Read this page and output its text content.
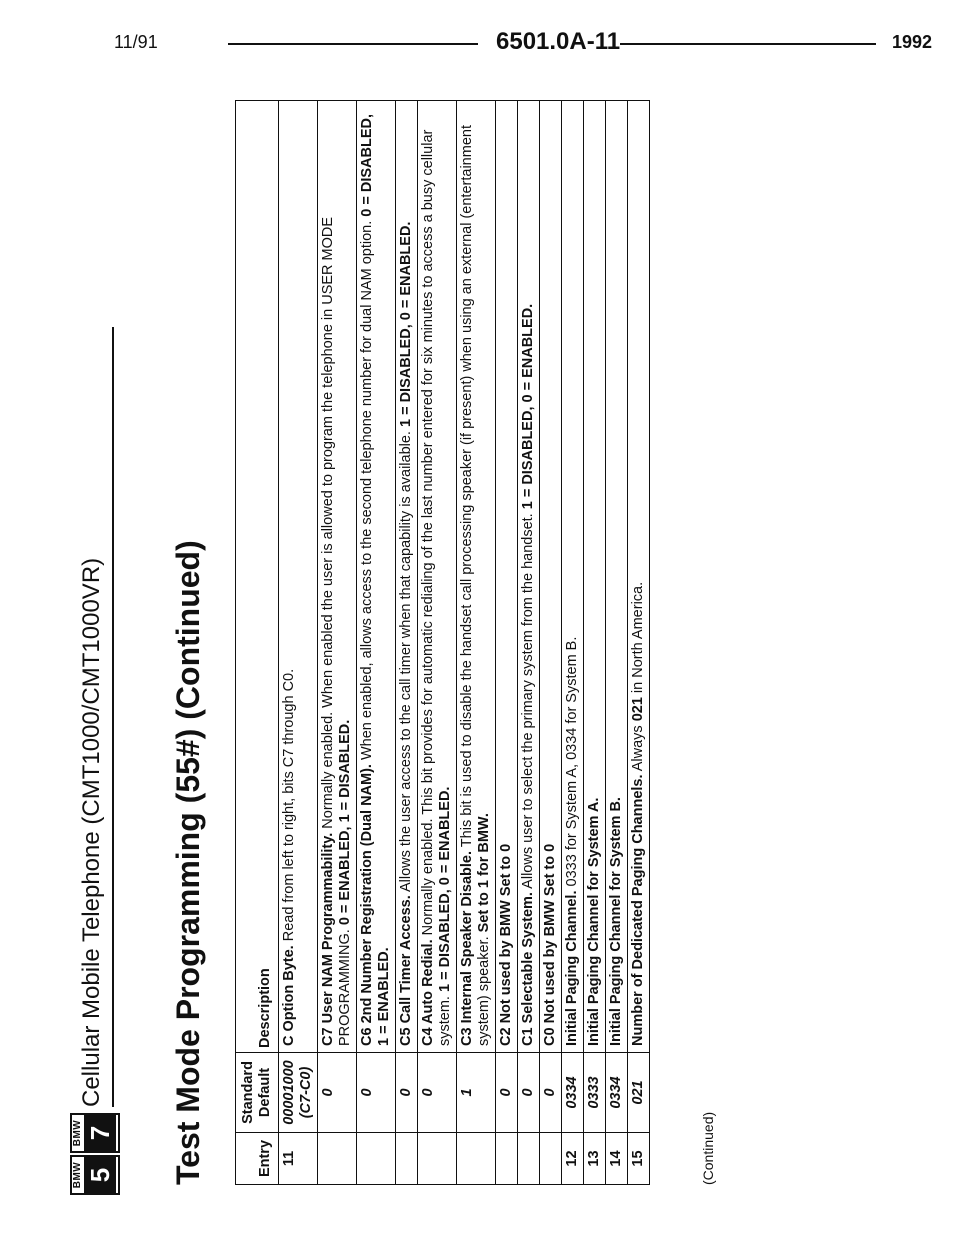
11/91	6501.0A-11	1992
BMW 5
BMW 7
Cellular Mobile Telephone (CMT1000/CMT1000VR) Test Mode Programming (55#) (Continued)	Entry	Standard Default	Description
11	00001000 (C7-C0)	C Option Byte. Read from left to right, bits C7 through C0.
	0	C7 User NAM Programmability. Normally enabled. When enabled the user is allowed to program the telephone in USER MODE PROGRAMMING. 0 = ENABLED, 1 = DISABLED.
	0	C6 2nd Number Registration (Dual NAM). When enabled, allows access to the second telephone number for dual NAM option. 0 = DISABLED, 1 = ENABLED.
	0	C5 Call Timer Access. Allows the user access to the call timer when that capability is available. 1 = DISABLED, 0 = ENABLED.
	0	C4 Auto Redial. Normally enabled. This bit provides for automatic redialing of the last number entered for six minutes to access a busy cellular system. 1 = DISABLED, 0 = ENABLED.
	1	C3 Internal Speaker Disable. This bit is used to disable the handset call processing speaker (if present) when using an external (entertainment system) speaker. Set to 1 for BMW.
	0	C2 Not used by BMW Set to 0
	0	C1 Selectable System. Allows user to select the primary system from the handset. 1 = DISABLED, 0 = ENABLED.
	0	C0 Not used by BMW Set to 0
12	0334	Initial Paging Channel. 0333 for System A, 0334 for System B.
13	0333	Initial Paging Channel for System A.
14	0334	Initial Paging Channel for System B.
15	021	Number of Dedicated Paging Channels. Always 021 in North America.
(Continued)
